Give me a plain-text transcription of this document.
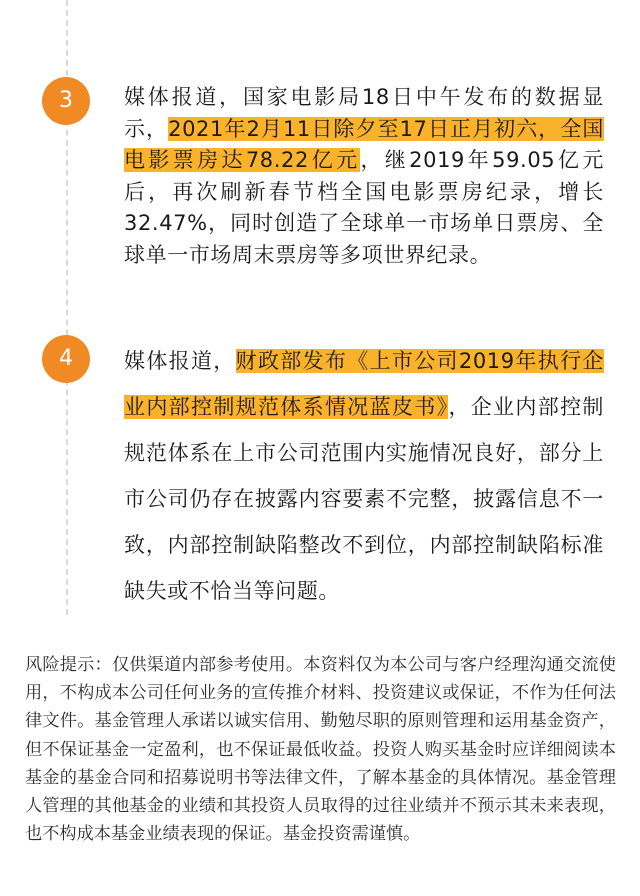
3	媒体报道，国家电影局18日中午发布的数据显示，2021年2月11日除夕至17日正月初六，全国电影票房达78.22亿元，继2019年59.05亿元后，再次刷新春节档全国电影票房纪录，增长32.47%，同时创造了全球单一市场单日票房、全球单一市场周末票房等多项世界纪录。
4	媒体报道，财政部发布《上市公司2019年执行企业内部控制规范体系情况蓝皮书》，企业内部控制规范体系在上市公司范围内实施情况良好，部分上市公司仍存在披露内容要素不完整，披露信息不一致，内部控制缺陷整改不到位，内部控制缺陷标准缺失或不恰当等问题。
风险提示：仅供渠道内部参考使用。本资料仅为本公司与客户经理沟通交流使用，不构成本公司任何业务的宣传推介材料、投资建议或保证，不作为任何法律文件。基金管理人承诺以诚实信用、勤勉尽职的原则管理和运用基金资产，但不保证基金一定盈利，也不保证最低收益。投资人购买基金时应详细阅读本基金的基金合同和招募说明书等法律文件，了解本基金的具体情况。基金管理人管理的其他基金的业绩和其投资人员取得的过往业绩并不预示其未来表现，也不构成本基金业绩表现的保证。基金投资需谨慎。
